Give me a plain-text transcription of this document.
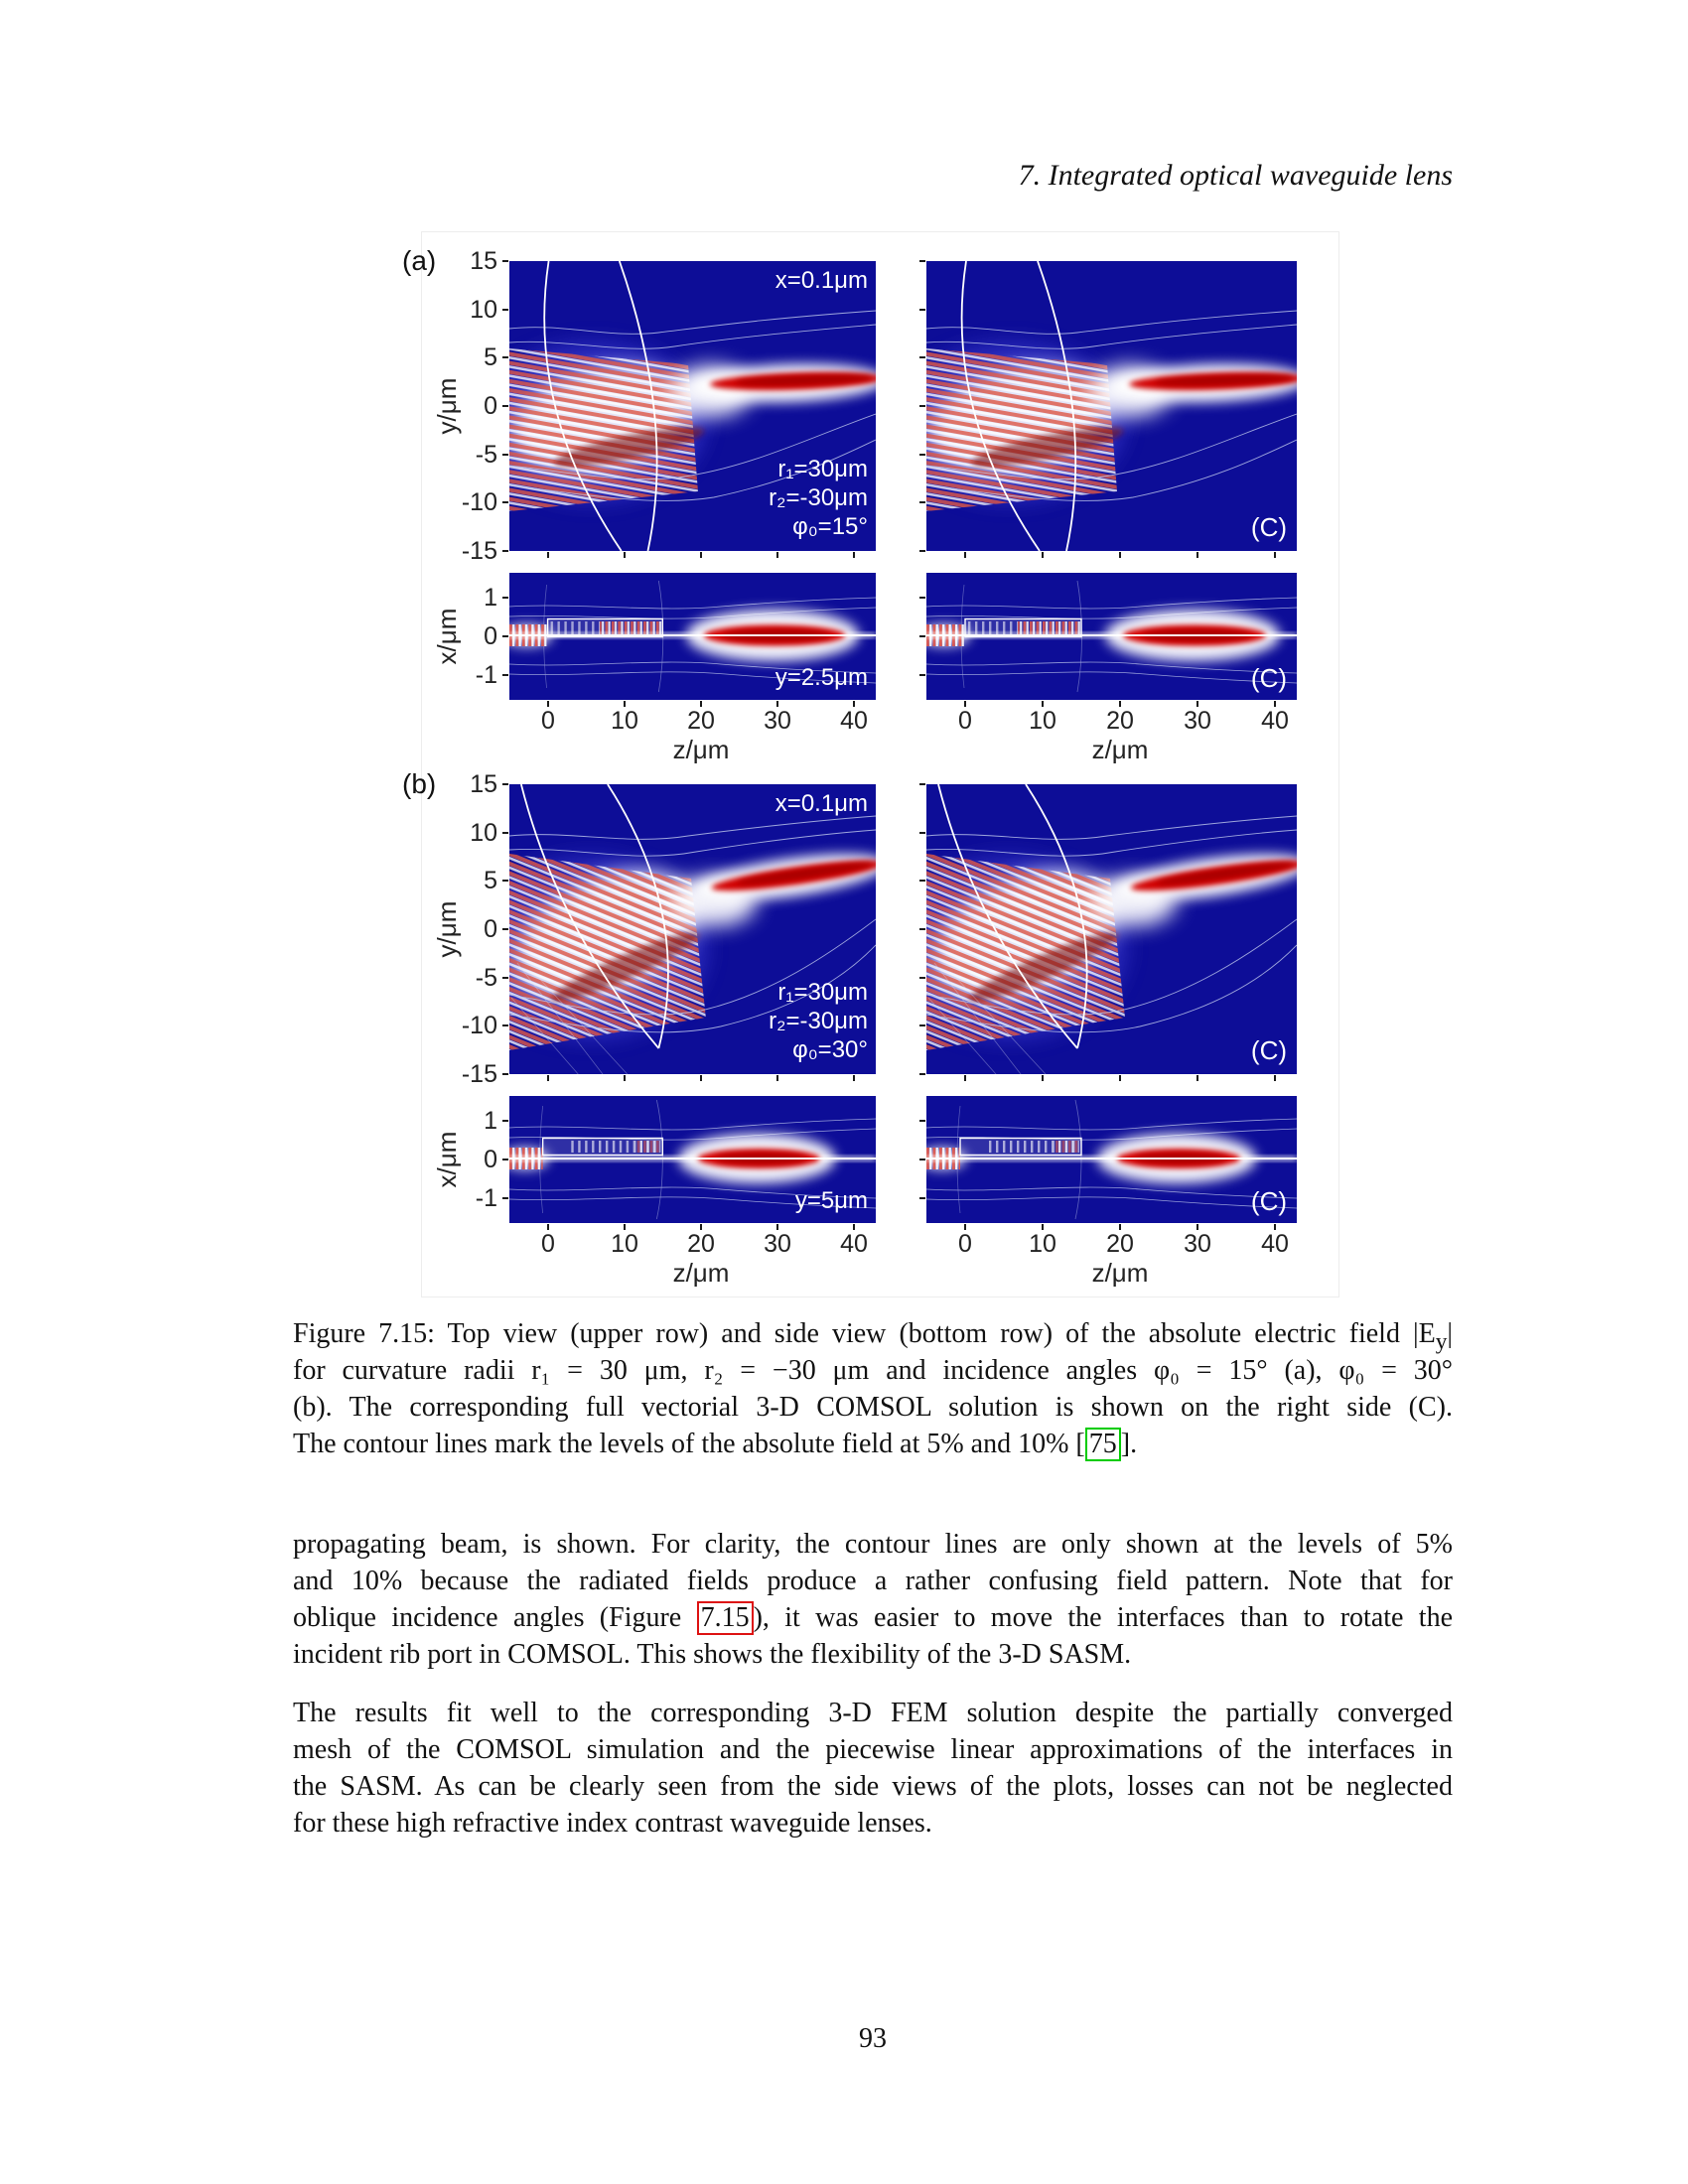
7. Integrated optical waveguide lens
(a)	15
10
5
0
-5
-10
-15
y/μm
x=0.1μm
r₁=30μm
r₂=-30μm
φ₀=15°	(C)
1
0
-1
x/μm
y=2.5μm	(C)
0	10	20	30	40	0	10	20	30	40
z/μm	z/μm
(b)	15
10
5
0
-5
-10
-15
y/μm
x=0.1μm
r₁=30μm
r₂=-30μm
φ₀=30°	(C)
1
0
-1
x/μm
y=5μm	(C)
0	10	20	30	40	0	10	20	30	40
z/μm	z/μm
Figure 7.15: Top view (upper row) and side view (bottom row) of the absolute electric field $|E_y|$
for curvature radii r₁ = 30 μm, r₂ = −30 μm and incidence angles φ₀ = 15° (a), φ₀ = 30°
(b). The corresponding full vectorial 3-D COMSOL solution is shown on the right side (C).
The contour lines mark the levels of the absolute field at 5% and 10% [ 75 ].
propagating beam, is shown. For clarity, the contour lines are only shown at the levels of 5%
and 10% because the radiated fields produce a rather confusing field pattern. Note that for
oblique incidence angles (Figure 7.15 ), it was easier to move the interfaces than to rotate the
incident rib port in COMSOL. This shows the flexibility of the 3-D SASM.
The results fit well to the corresponding 3-D FEM solution despite the partially converged
mesh of the COMSOL simulation and the piecewise linear approximations of the interfaces in
the SASM. As can be clearly seen from the side views of the plots, losses can not be neglected
for these high refractive index contrast waveguide lenses.
93
